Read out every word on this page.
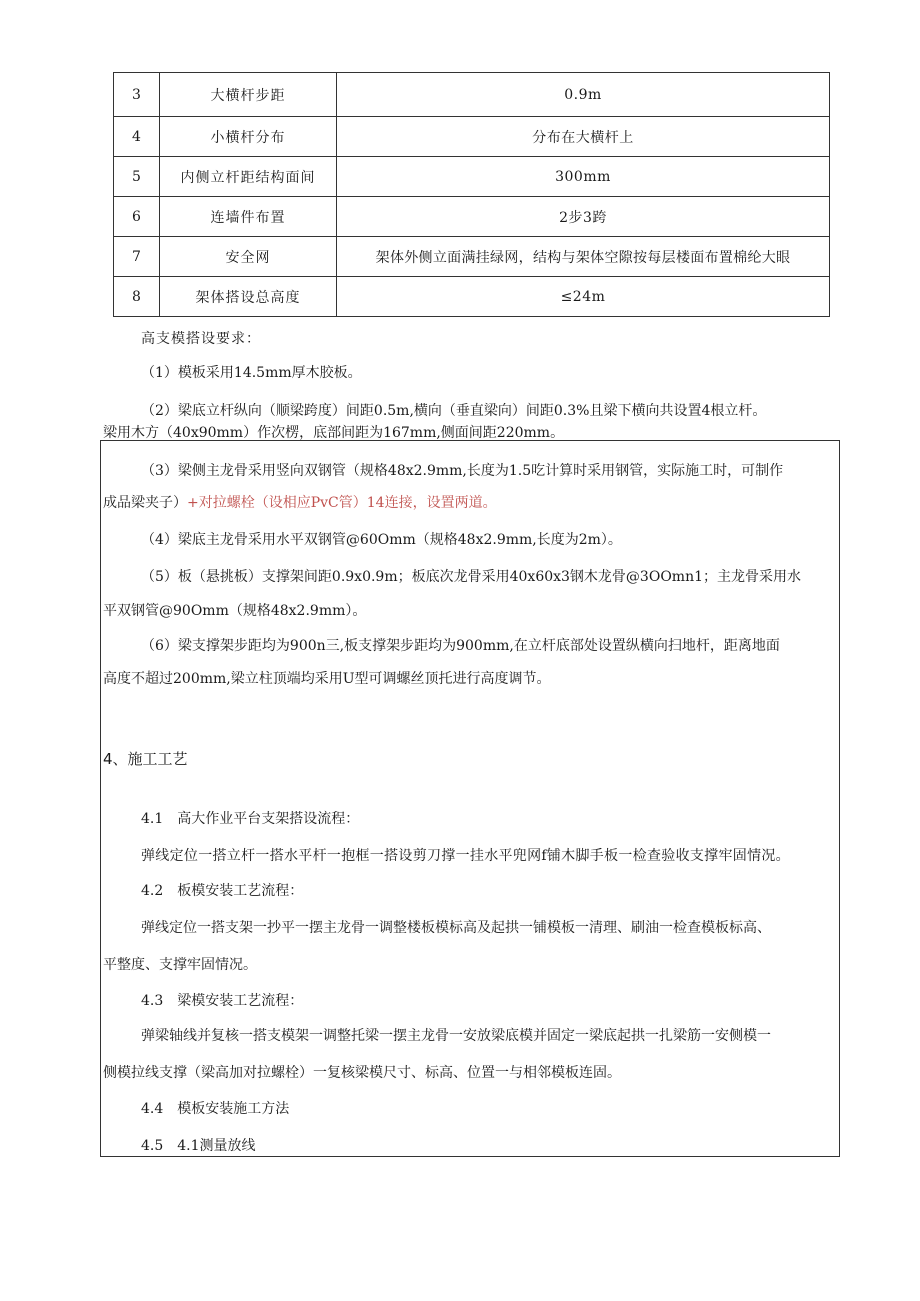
3	大横杆步距	0.9m
4	小横杆分布	分布在大横杆上
5	内侧立杆距结构面间	300mm
6	连墙件布置	2步3跨
7	安全网	架体外侧立面满挂绿网，结构与架体空隙按每层楼面布置棉纶大眼
8	架体搭设总高度	≤24m
高支模搭设要求：
（1）模板采用14.5mm厚木胶板。
（2）梁底立杆纵向（顺梁跨度）间距0.5m,横向（垂直梁向）间距0.3%且梁下横向共设置4根立杆。
梁用木方（40x90mm）作次楞，底部间距为167mm,侧面间距220mm。
（3）梁侧主龙骨采用竖向双钢管（规格48x2.9mm,长度为1.5吃计算时采用钢管，实际施工时，可制作
成品梁夹子）+对拉螺栓（设相应PvC管）14连接，设置两道。
（4）梁底主龙骨采用水平双钢管@60Omm（规格48x2.9mm,长度为2m）。
（5）板（悬挑板）支撑架间距0.9x0.9m；板底次龙骨采用40x60x3钢木龙骨@3OOmn1；主龙骨采用水
平双钢管@90Omm（规格48x2.9mm）。
（6）梁支撑架步距均为900n三,板支撑架步距均为900mm,在立杆底部处设置纵横向扫地杆，距离地面
高度不超过200mm,梁立柱顶端均采用U型可调螺丝顶托进行高度调节。
4、施工工艺
4.1　高大作业平台支架搭设流程：
弹线定位一搭立杆一搭水平杆一抱框一搭设剪刀撑一挂水平兜网f铺木脚手板一检查验收支撑牢固情况。
4.2　板模安装工艺流程：
弹线定位一搭支架一抄平一摆主龙骨一调整楼板模标高及起拱一铺模板一清理、刷油一检查模板标高、
平整度、支撑牢固情况。
4.3　梁模安装工艺流程：
弹梁轴线并复核一搭支模架一调整托梁一摆主龙骨一安放梁底模并固定一梁底起拱一扎梁筋一安侧模一
侧模拉线支撑（梁高加对拉螺栓）一复核梁模尺寸、标高、位置一与相邻模板连固。
4.4　模板安装施工方法
4.5　4.1测量放线
